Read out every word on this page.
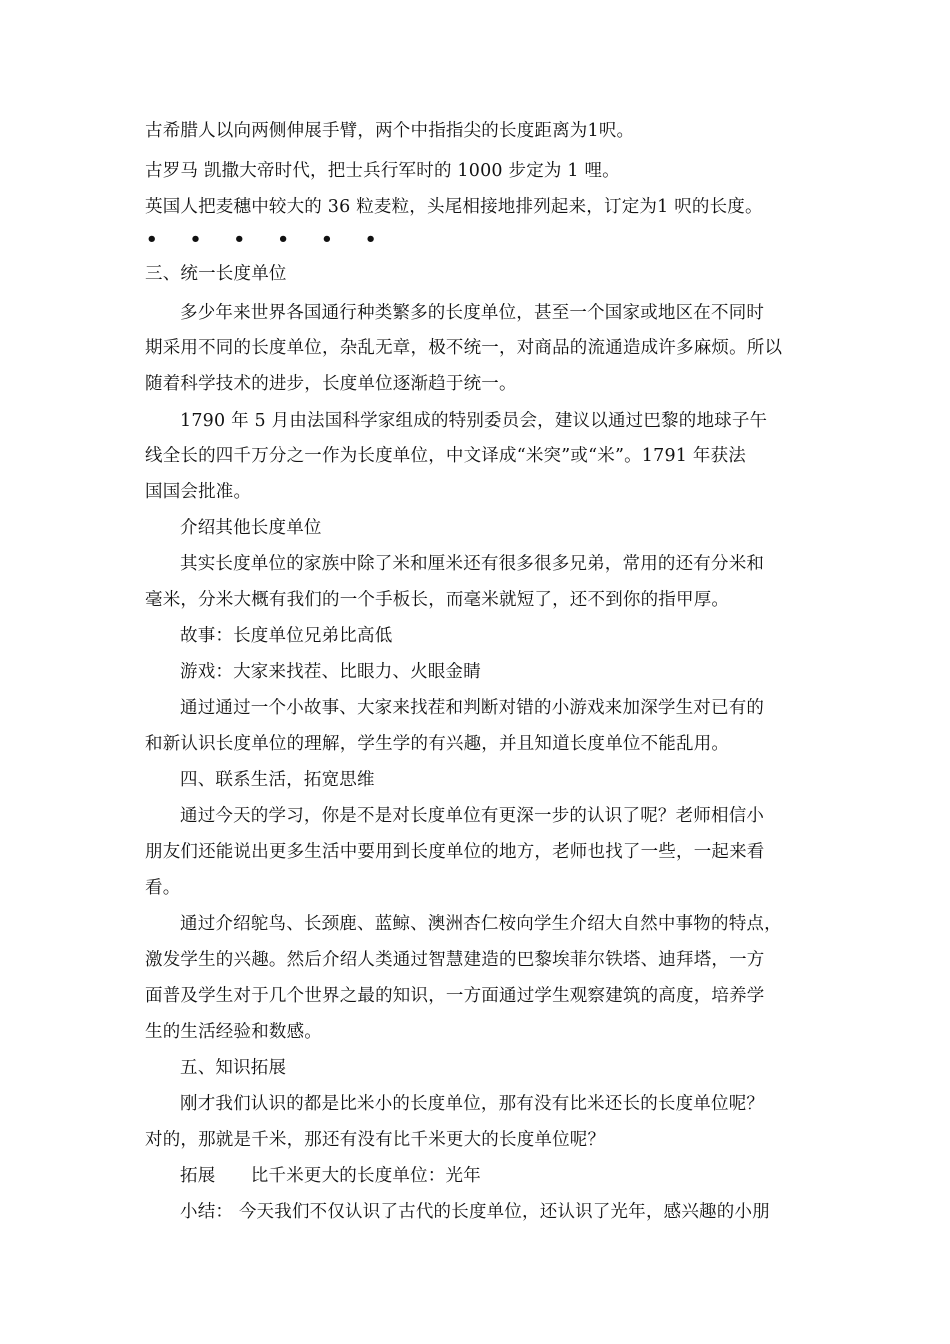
古希腊人以向两侧伸展手臂，两个中指指尖的长度距离为1呎。
古罗马 凯撒大帝时代，把士兵行军时的 1000 步定为 1 哩。
英国人把麦穗中较大的 36 粒麦粒，头尾相接地排列起来，订定为1 呎的长度。
• • • • • •
三、统一长度单位
多少年来世界各国通行种类繁多的长度单位，甚至一个国家或地区在不同时
期采用不同的长度单位，杂乱无章，极不统一，对商品的流通造成许多麻烦。所以
随着科学技术的进步，长度单位逐渐趋于统一。
1790 年 5 月由法国科学家组成的特别委员会，建议以通过巴黎的地球子午
线全长的四千万分之一作为长度单位，中文译成“米突”或“米”。1791 年获法
国国会批准。
介绍其他长度单位
其实长度单位的家族中除了米和厘米还有很多很多兄弟，常用的还有分米和
毫米，分米大概有我们的一个手板长，而毫米就短了，还不到你的指甲厚。
故事：长度单位兄弟比高低
游戏：大家来找茬、比眼力、火眼金睛
通过通过一个小故事、大家来找茬和判断对错的小游戏来加深学生对已有的
和新认识长度单位的理解，学生学的有兴趣，并且知道长度单位不能乱用。
四、联系生活，拓宽思维
通过今天的学习，你是不是对长度单位有更深一步的认识了呢？老师相信小
朋友们还能说出更多生活中要用到长度单位的地方，老师也找了一些，一起来看
看。
通过介绍鸵鸟、长颈鹿、蓝鲸、澳洲杏仁桉向学生介绍大自然中事物的特点，
激发学生的兴趣。然后介绍人类通过智慧建造的巴黎埃菲尔铁塔、迪拜塔，一方
面普及学生对于几个世界之最的知识，一方面通过学生观察建筑的高度，培养学
生的生活经验和数感。
五、知识拓展
刚才我们认识的都是比米小的长度单位，那有没有比米还长的长度单位呢？
对的，那就是千米，那还有没有比千米更大的长度单位呢？
拓展　　比千米更大的长度单位：光年
小结： 今天我们不仅认识了古代的长度单位，还认识了光年，感兴趣的小朋
